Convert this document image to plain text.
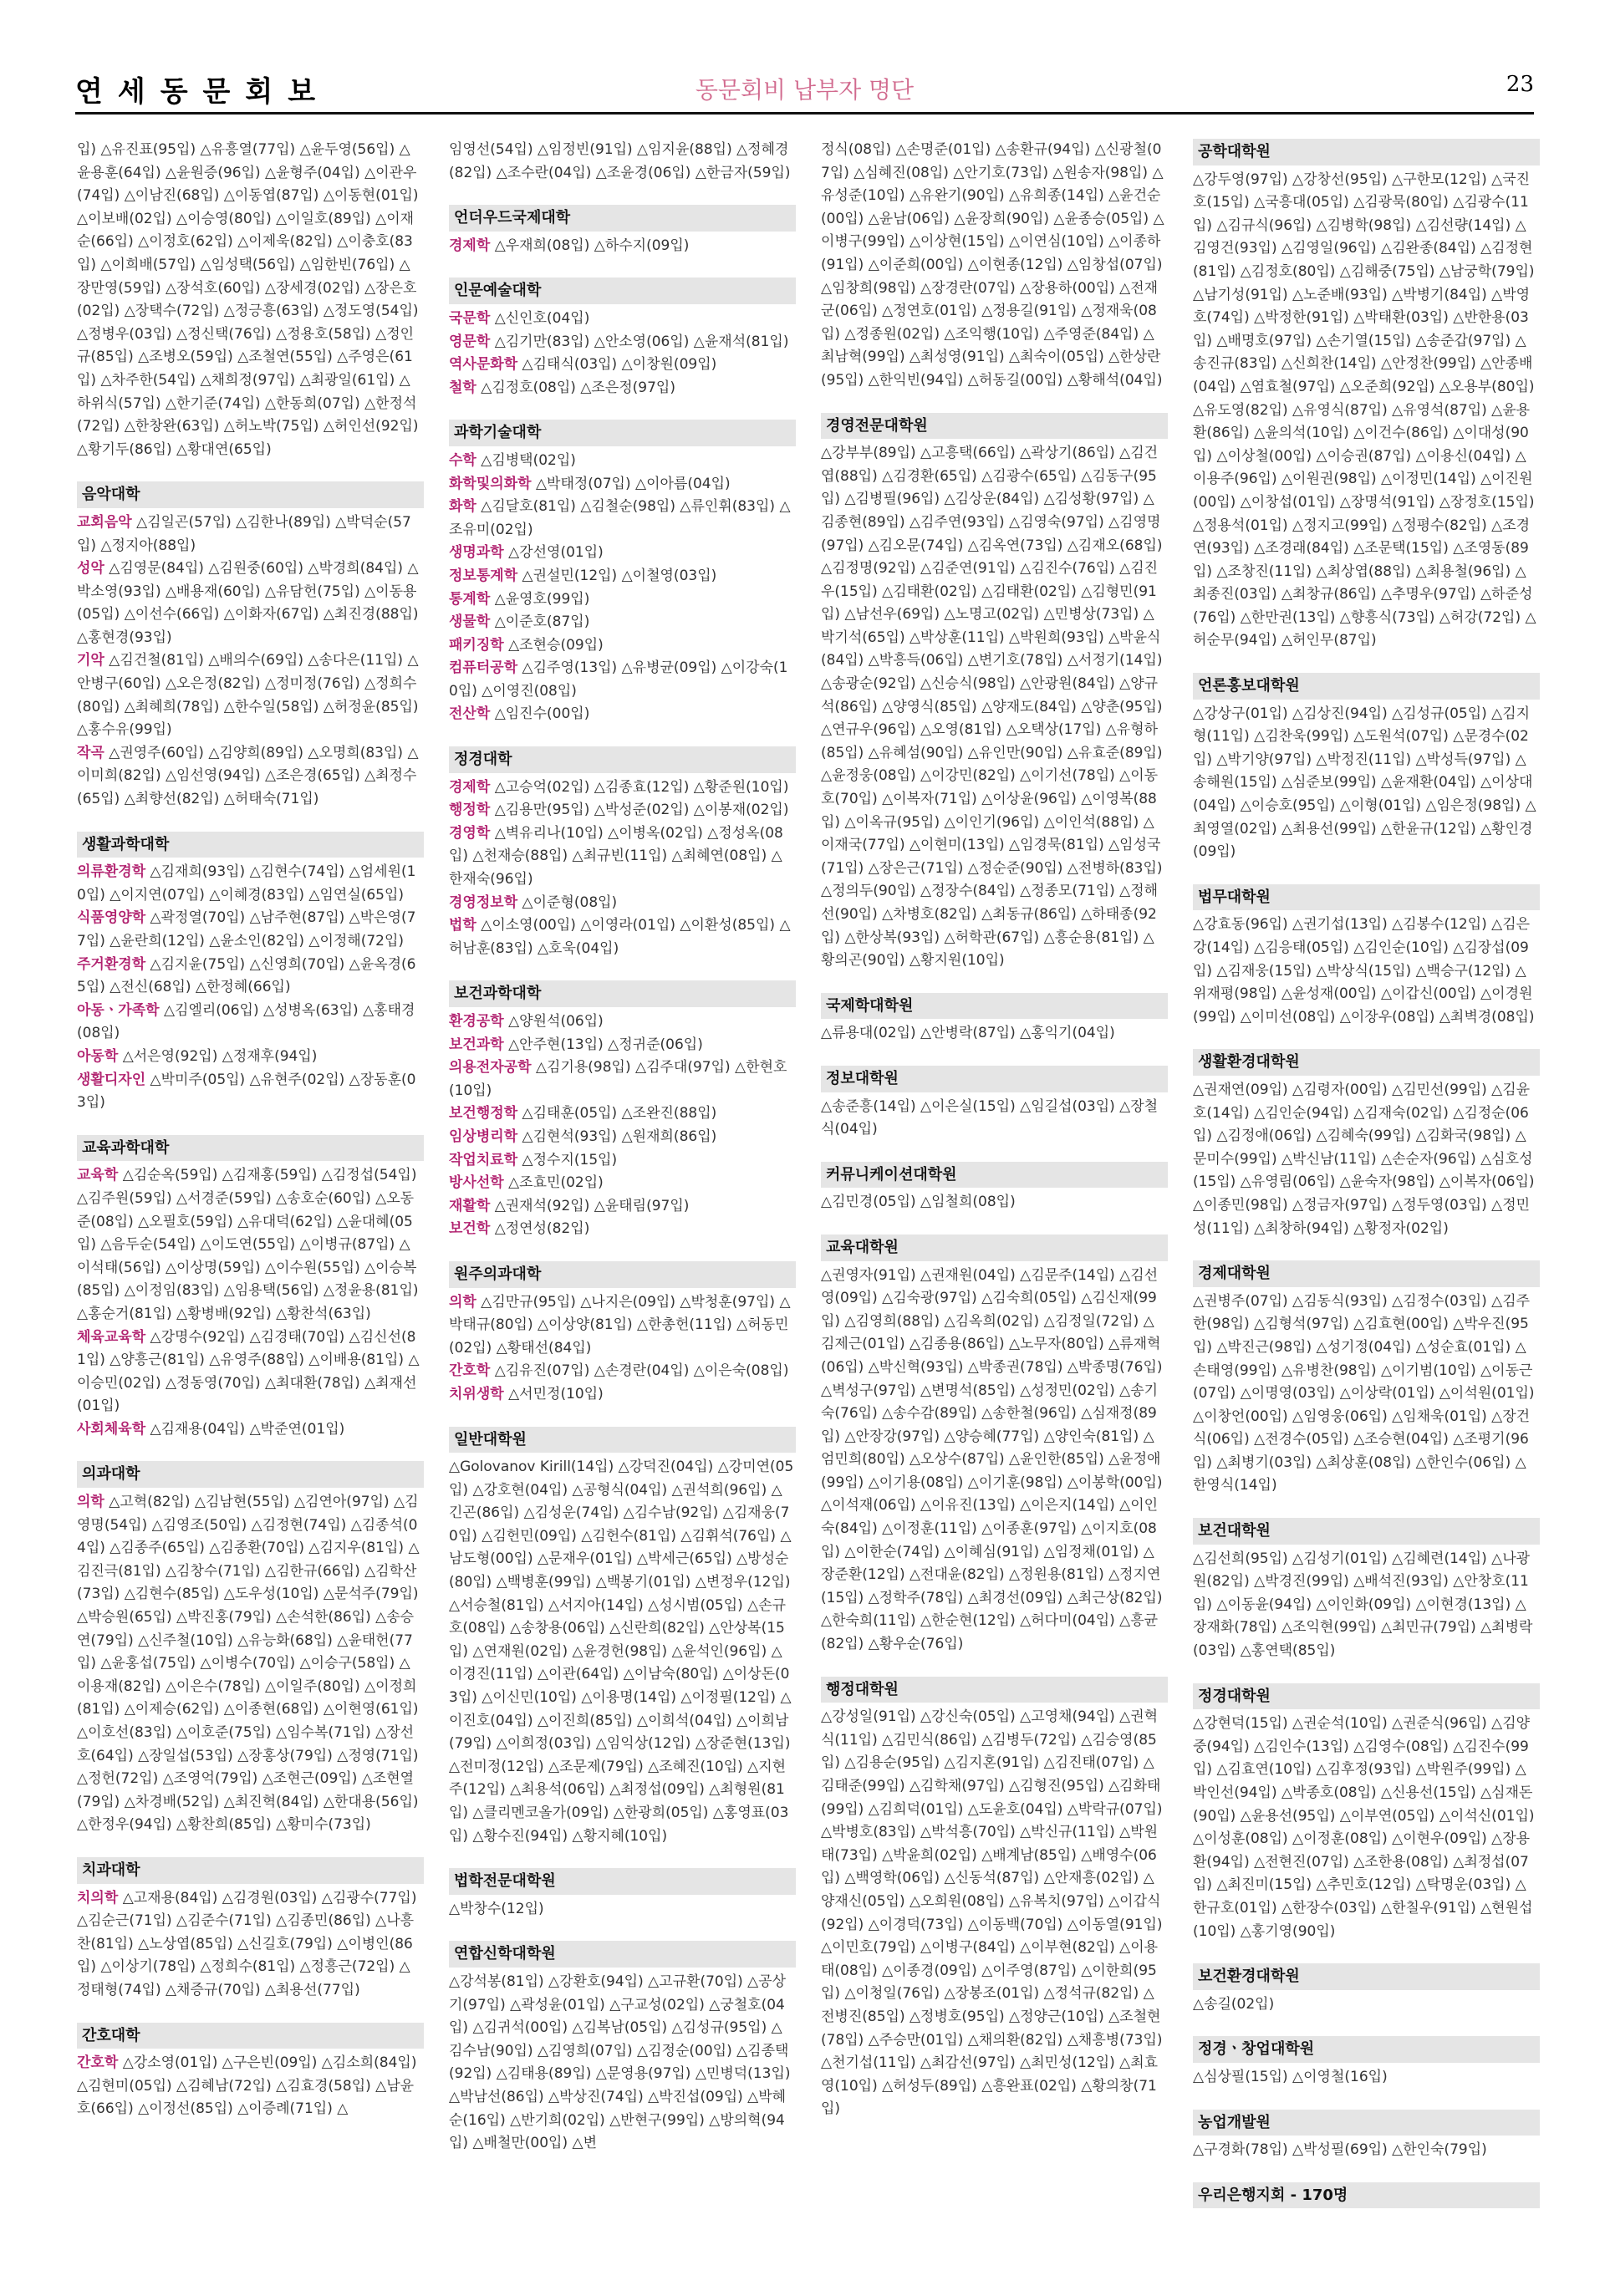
연세동문회보	동문회비 납부자 명단	23
입) △유진표(95입) △유흥열(77입) △윤두영(56입) △윤용훈(64입) △윤원증(96입) △윤형주(04입) △이관우(74입) △이남진(68입) △이동엽(87입) △이동현(01입) △이보배(02입) △이승영(80입) △이일호(89입) △이재순(66입) △이정호(62입) △이제욱(82입) △이충호(83입) △이희배(57입) △임성택(56입) △임한빈(76입) △장만영(59입) △장석호(60입) △장세경(02입) △장은호(02입) △장택수(72입) △정긍흥(63입) △정도영(54입) △정병우(03입) △정신택(76입) △정용호(58입) △정인규(85입) △조병오(59입) △조철연(55입) △주영은(61입) △차주한(54입) △채희정(97입) △최광일(61입) △하위식(57입) △한기준(74입) △한동희(07입) △한정석(72입) △한창완(63입) △허노박(75입) △허인선(92입) △황기두(86입) △황대연(65입)
음악대학
교회음악 △김일곤(57입) △김한나(89입) △박덕순(57입) △정지아(88입)
성악 △김영문(84입) △김원중(60입) △박경희(84입) △박소영(93입) △배용재(60입) △유담헌(75입) △이동용(05입) △이선수(66입) △이화자(67입) △최진경(88입) △홍현경(93입)
기악 △김건철(81입) △배의수(69입) △송다은(11입) △안병구(60입) △오은정(82입) △정미정(76입) △정희수(80입) △최혜희(78입) △한수일(58입) △허정윤(85입) △홍수유(99입)
작곡 △권영주(60입) △김양희(89입) △오명희(83입) △이미희(82입) △임선영(94입) △조은경(65입) △최정수(65입) △최향선(82입) △허태숙(71입)
생활과학대학
의류환경학 △김재희(93입) △김현수(74입) △엄세원(10입) △이지연(07입) △이혜경(83입) △임연실(65입)
식품영양학 △곽정열(70입) △남주현(87입) △박은영(77입) △윤란희(12입) △윤소인(82입) △이정해(72입)
주거환경학 △김지윤(75입) △신영희(70입) △윤옥경(65입) △전신(68입) △한정혜(66입)
아동ㆍ가족학 △김엘리(06입) △성병옥(63입) △홍태경(08입)
아동학 △서은영(92입) △정재후(94입)
생활디자인 △박미주(05입) △유현주(02입) △장동훈(03입)
교육과학대학
교육학 △김순옥(59입) △김재홍(59입) △김정섭(54입) △김주원(59입) △서경준(59입) △송호순(60입) △오동준(08입) △오필호(59입) △유대덕(62입) △윤대혜(05입) △음두순(54입) △이도연(55입) △이병규(87입) △이석태(56입) △이상명(59입) △이수원(55입) △이승복(85입) △이정임(83입) △임용택(56입) △정윤용(81입) △홍순거(81입) △황병배(92입) △황찬석(63입)
체육교육학 △강명수(92입) △김경태(70입) △김신선(81입) △양흥근(81입) △유영주(88입) △이배용(81입) △이승민(02입) △정동영(70입) △최대환(78입) △최재선(01입)
사회체육학 △김재용(04입) △박준연(01입)
의과대학
의학 △고혁(82입) △김남현(55입) △김연아(97입) △김영명(54입) △김영조(50입) △김정현(74입) △김종석(04입) △김종주(65입) △김종환(70입) △김지우(81입) △김진극(81입) △김창수(71입) △김한규(66입) △김학산(73입) △김현수(85입) △도우성(10입) △문석주(79입) △박승원(65입) △박진홍(79입) △손석한(86입) △송승연(79입) △신주철(10입) △유능화(68입) △윤태헌(77입) △윤홍섭(75입) △이병수(70입) △이승구(58입) △이용재(82입) △이은수(78입) △이일주(80입) △이정희(81입) △이제승(62입) △이종현(68입) △이현영(61입) △이호선(83입) △이호준(75입) △임수복(71입) △장선호(64입) △장일섭(53입) △장홍상(79입) △정영(71입) △정헌(72입) △조영억(79입) △조현근(09입) △조현열(79입) △차경배(52입) △최진혁(84입) △한대용(56입) △한정우(94입) △황찬희(85입) △황미수(73입)
치과대학
치의학 △고재용(84입) △김경원(03입) △김광수(77입) △김순근(71입) △김준수(71입) △김종민(86입) △나흥찬(81입) △노상엽(85입) △신길호(79입) △이병인(86입) △이상기(78입) △정희수(81입) △정흥근(72입) △정태형(74입) △채증규(70입) △최용선(77입)
간호대학
간호학 △강소영(01입) △구은빈(09입) △김소희(84입) △김현미(05입) △김혜남(72입) △김효경(58입) △남윤호(66입) △이정선(85입) △이증례(71입) △
임영선(54입) △임정빈(91입) △임지윤(88입) △정혜경(82입) △조수란(04입) △조윤경(06입) △한금자(59입)
언더우드국제대학
경제학 △우재희(08입) △하수지(09입)
인문예술대학
국문학 △신인호(04입)
영문학 △김기만(83입) △안소영(06입) △윤재석(81입)
역사문화학 △김태식(03입) △이창원(09입)
철학 △김정호(08입) △조은정(97입)
과학기술대학
수학 △김병택(02입)
화학및의화학 △박태정(07입) △이아름(04입)
화학 △김달호(81입) △김철순(98입) △류인휘(83입) △조유미(02입)
생명과학 △강선영(01입)
정보통계학 △권설민(12입) △이철영(03입)
통계학 △윤영호(99입)
생물학 △이준호(87입)
패키징학 △조현승(09입)
컴퓨터공학 △김주영(13입) △유병균(09입) △이강숙(10입) △이영진(08입)
전산학 △임진수(00입)
정경대학
경제학 △고승억(02입) △김종효(12입) △황준원(10입)
행정학 △김용만(95입) △박성준(02입) △이봉재(02입)
경영학 △벽유리나(10입) △이병옥(02입) △정성옥(08입) △천재승(88입) △최규빈(11입) △최혜연(08입) △한재숙(96입)
경영정보학 △이준형(08입)
법학 △이소영(00입) △이영라(01입) △이환성(85입) △허남훈(83입) △호욱(04입)
보건과학대학
환경공학 △양원석(06입)
보건과학 △안주현(13입) △정귀준(06입)
의용전자공학 △김기용(98입) △김주대(97입) △한현호(10입)
보건행정학 △김태훈(05입) △조완진(88입)
임상병리학 △김현석(93입) △원재희(86입)
작업치료학 △정수지(15입)
방사선학 △조효민(02입)
재활학 △권재석(92입) △윤태림(97입)
보건학 △정연성(82입)
원주의과대학
의학 △김만규(95입) △나지은(09입) △박청훈(97입) △박태규(80입) △이상양(81입) △한총헌(11입) △허동민(02입) △황태선(84입)
간호학 △김유진(07입) △손경란(04입) △이은숙(08입)
치위생학 △서민정(10입)
일반대학원
△Golovanov Kirill(14입) △강덕진(04입) △강미연(05입) △강호현(04입) △공형식(04입) △권석희(96입) △긴곤(86입) △김성운(74입) △김수남(92입) △김재웅(70입) △김헌민(09입) △김헌수(81입) △김휘석(76입) △남도형(00입) △문재우(01입) △박세근(65입) △방성순(80입) △백병훈(99입) △백봉기(01입) △변정우(12입) △서승철(81입) △서지아(14입) △성시범(05입) △손규호(08입) △송창용(06입) △신란희(82입) △안상복(15입) △연재원(02입) △윤경헌(98입) △윤석인(96입) △이경진(11입) △이관(64입) △이남숙(80입) △이상돈(03입) △이신민(10입) △이용명(14입) △이정필(12입) △이진호(04입) △이진희(85입) △이희석(04입) △이희남(79입) △이희정(03입) △임익상(12입) △장준현(13입) △전미정(12입) △조문제(79입) △조혜진(10입) △지현주(12입) △최용석(06입) △최정섭(09입) △최형원(81입) △클리멘코올가(09입) △한광희(05입) △홍영표(03입) △황수진(94입) △황지혜(10입)
법학전문대학원
△박창수(12입)
연합신학대학원
△강석봉(81입) △강환호(94입) △고규환(70입) △공상기(97입) △곽성윤(01입) △구교성(02입) △궁철호(04입) △김귀석(00입) △김복남(05입) △김성규(95입) △김수남(90입) △김영희(07입) △김정순(00입) △김종택(92입) △김태용(89입) △문영용(97입) △민병덕(13입) △박남선(86입) △박상진(74입) △박진섭(09입) △박혜순(16입) △반기희(02입) △반현구(99입) △방의혁(94입) △배철만(00입) △변
정식(08입) △손명준(01입) △송환규(94입) △신광철(07입) △심혜진(08입) △안기호(73입) △원송자(98입) △유성준(10입) △유완기(90입) △유희종(14입) △윤건순(00입) △윤남(06입) △윤장희(90입) △윤종승(05입) △이병구(99입) △이상현(15입) △이연심(10입) △이종하(91입) △이준희(00입) △이현종(12입) △임창섭(07입) △임창희(98입) △장경란(07입) △장용하(00입) △전재군(06입) △정연호(01입) △정용길(91입) △정재욱(08입) △정종원(02입) △조익행(10입) △주영준(84입) △최남혁(99입) △최성영(91입) △최숙이(05입) △한상란(95입) △한익빈(94입) △허동길(00입) △황해석(04입)
경영전문대학원
△강부부(89입) △고흥택(66입) △곽상기(86입) △김건엽(88입) △김경환(65입) △김광수(65입) △김동구(95입) △김병필(96입) △김상운(84입) △김성황(97입) △김종현(89입) △김주연(93입) △김영숙(97입) △김영명(97입) △김오문(74입) △김옥연(73입) △김재오(68입) △김정명(92입) △김준연(91입) △김진수(76입) △김진우(15입) △김태환(02입) △김태환(02입) △김형민(91입) △남선우(69입) △노명고(02입) △민병상(73입) △박기석(65입) △박상훈(11입) △박원희(93입) △박윤식(84입) △박흥득(06입) △변기호(78입) △서정기(14입) △송광순(92입) △신승식(98입) △안광원(84입) △양규석(86입) △양영식(85입) △양재도(84입) △양춘(95입) △연규우(96입) △오영(81입) △오택상(17입) △유형하(85입) △유혜섬(90입) △유인만(90입) △유효준(89입) △윤정웅(08입) △이강민(82입) △이기선(78입) △이동호(70입) △이복자(71입) △이상윤(96입) △이영복(88입) △이옥규(95입) △이인기(96입) △이인석(88입) △이재국(77입) △이현미(13입) △임경묵(81입) △임성국(71입) △장은근(71입) △정순준(90입) △전병하(83입) △정의두(90입) △정장수(84입) △정종모(71입) △정해선(90입) △차병호(82입) △최동규(86입) △하태종(92입) △한상복(93입) △허학관(67입) △흥순용(81입) △황의곤(90입) △황지원(10입)
국제학대학원
△류용대(02입) △안병락(87입) △홍익기(04입)
정보대학원
△송준흥(14입) △이은실(15입) △임길섭(03입) △장철식(04입)
커뮤니케이션대학원
△김민경(05입) △임철희(08입)
교육대학원
△권영자(91입) △권재원(04입) △김문주(14입) △김선영(09입) △김숙광(97입) △김숙희(05입) △김신재(99입) △김영희(88입) △김옥희(02입) △김정일(72입) △김제근(01입) △김종용(86입) △노무자(80입) △류재혁(06입) △박신혁(93입) △박종권(78입) △박종명(76입) △벽성구(97입) △변명석(85입) △성정민(02입) △송기숙(76입) △송수감(89입) △송한철(96입) △심재정(89입) △안장강(97입) △양승혜(77입) △양인숙(81입) △엄민희(80입) △오상수(87입) △윤인한(85입) △윤정애(99입) △이기용(08입) △이기훈(98입) △이봉학(00입) △이석재(06입) △이유진(13입) △이은지(14입) △이인숙(84입) △이정훈(11입) △이종훈(97입) △이지호(08입) △이한순(74입) △이혜심(91입) △임정채(01입) △장준환(12입) △전대윤(82입) △정원용(81입) △정지연(15입) △정학주(78입) △최경선(09입) △최근상(82입) △한숙희(11입) △한순현(12입) △허다미(04입) △흥균(82입) △황우순(76입)
행정대학원
△강성일(91입) △강신숙(05입) △고영채(94입) △권혁식(11입) △김민식(86입) △김병두(72입) △김승영(85입) △김용순(95입) △김지혼(91입) △김진태(07입) △김태준(99입) △김학채(97입) △김형진(95입) △김화태(99입) △김희덕(01입) △도윤호(04입) △박락규(07입) △박병호(83입) △박석흥(70입) △박신규(11입) △박원태(73입) △박윤희(02입) △배계남(85입) △배영수(06입) △백영학(06입) △신동석(87입) △안재흥(02입) △양재신(05입) △오희원(08입) △유복치(97입) △이갑식(92입) △이경덕(73입) △이동백(70입) △이동열(91입) △이민호(79입) △이병구(84입) △이부현(82입) △이용태(08입) △이종경(09입) △이주영(87입) △이한희(95입) △이청일(76입) △장봉조(01입) △정석규(82입) △전병진(85입) △정병호(95입) △정양근(10입) △조철현(78입) △주승만(01입) △채의환(82입) △채흥병(73입) △천기섭(11입) △최감선(97입) △최민성(12입) △최효영(10입) △허성두(89입) △흥완표(02입) △황의창(71입)
공학대학원
△강두영(97입) △강창선(95입) △구한모(12입) △국진호(15입) △국흥대(05입) △김광묵(80입) △김광수(11입) △김규식(96입) △김병학(98입) △김선량(14입) △김영건(93입) △김영일(96입) △김완종(84입) △김정현(81입) △김정호(80입) △김해중(75입) △남궁학(79입) △남기성(91입) △노준배(93입) △박병기(84입) △박영호(74입) △박정한(91입) △박태환(03입) △반한용(03입) △배명호(97입) △손기열(15입) △송준갑(97입) △송진규(83입) △신희찬(14입) △안정찬(99입) △안종배(04입) △염효철(97입) △오준희(92입) △오용부(80입) △유도영(82입) △유영식(87입) △유영석(87입) △윤용환(86입) △윤의석(10입) △이건수(86입) △이대성(90입) △이상철(00입) △이승권(87입) △이용신(04입) △이용주(96입) △이원권(98입) △이정민(14입) △이진원(00입) △이창섭(01입) △장명석(91입) △장정호(15입) △정용석(01입) △정지고(99입) △정평수(82입) △조경연(93입) △조경래(84입) △조문택(15입) △조영동(89입) △조창진(11입) △최상엽(88입) △최용철(96입) △최종진(03입) △최창규(86입) △추명우(97입) △하준성(76입) △한만권(13입) △향흥식(73입) △허강(72입) △허순무(94입) △허인무(87입)
언론홍보대학원
△강상구(01입) △김상진(94입) △김성규(05입) △김지형(11입) △김찬욱(99입) △도원석(07입) △문경수(02입) △박기양(97입) △박정진(11입) △박성득(97입) △송해원(15입) △심준보(99입) △윤재환(04입) △이상대(04입) △이승호(95입) △이형(01입) △임은정(98입) △최영열(02입) △최용선(99입) △한윤규(12입) △황인경(09입)
법무대학원
△강효동(96입) △권기섭(13입) △김봉수(12입) △김은강(14입) △김응태(05입) △김인순(10입) △김장섭(09입) △김재웅(15입) △박상식(15입) △백승구(12입) △위재평(98입) △윤성재(00입) △이갑신(00입) △이경원(99입) △이미선(08입) △이장우(08입) △최벽경(08입)
생활환경대학원
△권재연(09입) △김령자(00입) △김민선(99입) △김윤호(14입) △김인순(94입) △김재숙(02입) △김정순(06입) △김정애(06입) △김혜숙(99입) △김화국(98입) △문미수(99입) △박신남(11입) △손순자(96입) △심호성(15입) △유영림(06입) △윤숙자(98입) △이복자(06입) △이종민(98입) △정금자(97입) △정두영(03입) △정민성(11입) △최창하(94입) △황정자(02입)
경제대학원
△권병주(07입) △김동식(93입) △김정수(03입) △김주한(98입) △김형석(97입) △김효현(00입) △박우진(95입) △박진근(98입) △성기정(04입) △성순효(01입) △손태영(99입) △유병찬(98입) △이기범(10입) △이동근(07입) △이명영(03입) △이상락(01입) △이석원(01입) △이창언(00입) △임영웅(06입) △임채욱(01입) △장건식(06입) △전경수(05입) △조승현(04입) △조평기(96입) △최병기(03입) △최상훈(08입) △한인수(06입) △한영식(14입)
보건대학원
△김선희(95입) △김성기(01입) △김혜련(14입) △나광원(82입) △박경진(99입) △배석진(93입) △안창호(11입) △이동윤(94입) △이인화(09입) △이현경(13입) △장재화(78입) △조익현(99입) △최민규(79입) △최병락(03입) △홍연택(85입)
정경대학원
△강현덕(15입) △권순석(10입) △권준식(96입) △김양중(94입) △김인수(13입) △김영수(08입) △김진수(99입) △김효연(10입) △김후정(93입) △박원주(99입) △박인선(94입) △박종호(08입) △신용선(15입) △심재돈(90입) △윤용선(95입) △이부연(05입) △이석신(01입) △이성훈(08입) △이정훈(08입) △이현우(09입) △장용환(94입) △전현진(07입) △조한용(08입) △최정섭(07입) △최진미(15입) △추민호(12입) △탁명운(03입) △한규호(01입) △한장수(03입) △한칠우(91입) △현원섭(10입) △홍기영(90입)
보건환경대학원
△송길(02입)
정경ㆍ창업대학원
△심상필(15입) △이영철(16입)
농업개발원
△구경화(78입) △박성필(69입) △한인숙(79입)
우리은행지회 - 170명
